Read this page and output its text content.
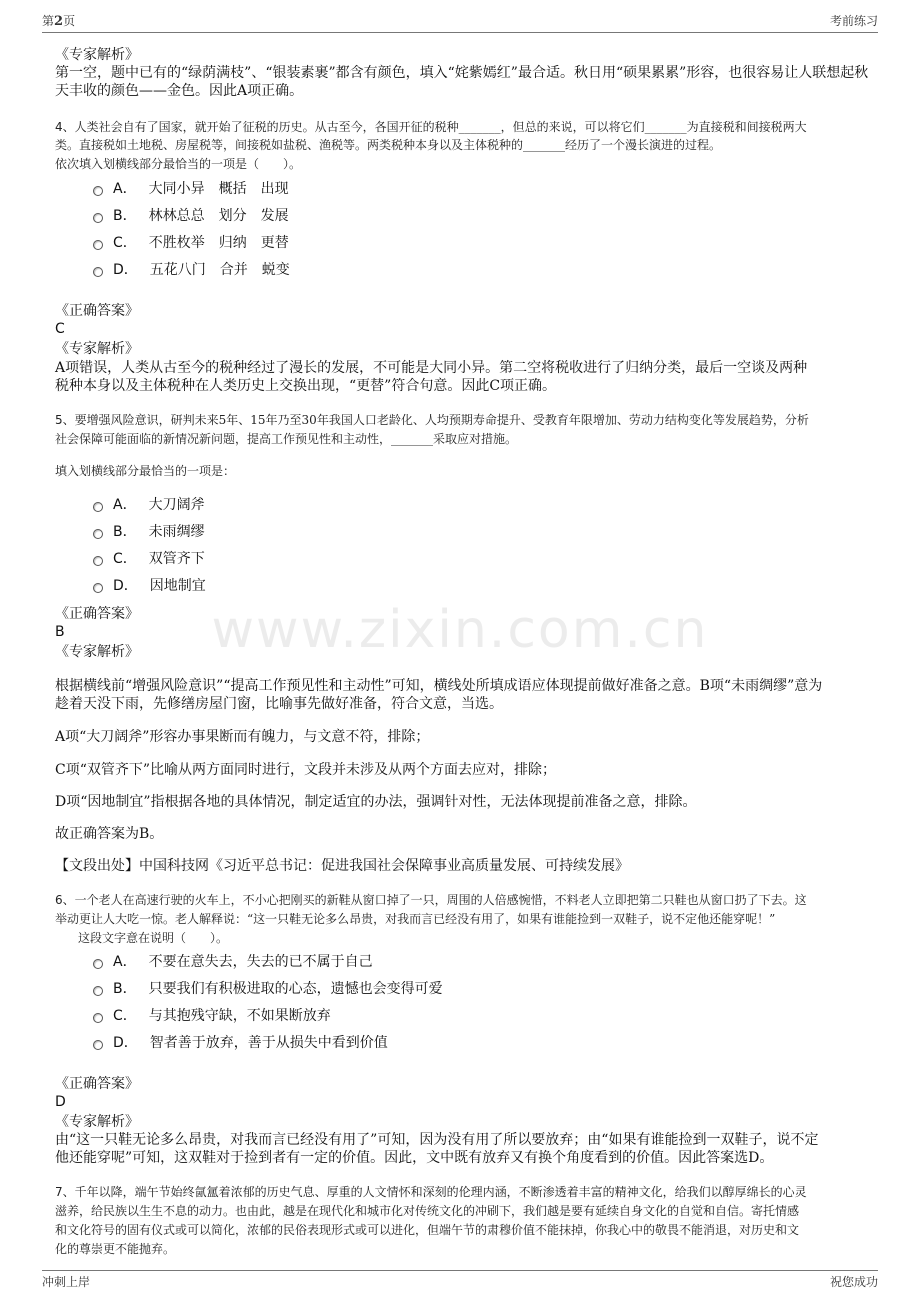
第2页	考前练习
www.zixin.com.cn
《专家解析》
第一空，题中已有的“绿荫满枝”、“银装素裹”都含有颜色，填入“姹紫嫣红”最合适。秋日用“硕果累累”形容，也很容易让人联想起秋天丰收的颜色——金色。因此A项正确。
4、人类社会自有了国家，就开始了征税的历史。从古至今，各国开征的税种_______，但总的来说，可以将它们_______为直接税和间接税两大
类。直接税如土地税、房屋税等，间接税如盐税、渔税等。两类税种本身以及主体税种的_______经历了一个漫长演进的过程。
依次填入划横线部分最恰当的一项是（　　）。
A． 大同小异　概括　出现
B． 林林总总　划分　发展
C． 不胜枚举　归纳　更替
D． 五花八门　合并　蜕变
《正确答案》
C
《专家解析》
A项错误，人类从古至今的税种经过了漫长的发展，不可能是大同小异。第二空将税收进行了归纳分类，最后一空谈及两种
税种本身以及主体税种在人类历史上交换出现，“更替”符合句意。因此C项正确。
5、要增强风险意识，研判未来5年、15年乃至30年我国人口老龄化、人均预期寿命提升、受教育年限增加、劳动力结构变化等发展趋势，分析
社会保障可能面临的新情况新问题，提高工作预见性和主动性，_______采取应对措施。
填入划横线部分最恰当的一项是：
A． 大刀阔斧
B． 未雨绸缪
C． 双管齐下
D． 因地制宜
《正确答案》
B
《专家解析》
根据横线前“增强风险意识”“提高工作预见性和主动性”可知，横线处所填成语应体现提前做好准备之意。B项“未雨绸缪”意为
趁着天没下雨，先修缮房屋门窗，比喻事先做好准备，符合文意，当选。
A项“大刀阔斧”形容办事果断而有魄力，与文意不符，排除；
C项“双管齐下”比喻从两方面同时进行，文段并未涉及从两个方面去应对，排除；
D项“因地制宜”指根据各地的具体情况，制定适宜的办法，强调针对性，无法体现提前准备之意，排除。
故正确答案为B。
【文段出处】中国科技网《习近平总书记：促进我国社会保障事业高质量发展、可持续发展》
6、一个老人在高速行驶的火车上，不小心把刚买的新鞋从窗口掉了一只，周围的人倍感惋惜，不料老人立即把第二只鞋也从窗口扔了下去。这
举动更让人大吃一惊。老人解释说：“这一只鞋无论多么昂贵，对我而言已经没有用了，如果有谁能捡到一双鞋子，说不定他还能穿呢！”
这段文字意在说明（　　）。
A． 不要在意失去，失去的已不属于自己
B． 只要我们有积极进取的心态，遗憾也会变得可爱
C． 与其抱残守缺，不如果断放弃
D． 智者善于放弃，善于从损失中看到价值
《正确答案》
D
《专家解析》
由“这一只鞋无论多么昂贵，对我而言已经没有用了”可知，因为没有用了所以要放弃；由“如果有谁能捡到一双鞋子，说不定
他还能穿呢”可知，这双鞋对于捡到者有一定的价值。因此，文中既有放弃又有换个角度看到的价值。因此答案选D。
7、千年以降，端午节始终氤氲着浓郁的历史气息、厚重的人文情怀和深刻的伦理内涵，不断渗透着丰富的精神文化，给我们以醇厚绵长的心灵
滋养，给民族以生生不息的动力。也由此，越是在现代化和城市化对传统文化的冲刷下，我们越是要有延续自身文化的自觉和自信。寄托情感
和文化符号的固有仪式或可以简化，浓郁的民俗表现形式或可以进化，但端午节的肃穆价值不能抹掉，你我心中的敬畏不能消退，对历史和文
化的尊崇更不能抛弃。
冲刺上岸	祝您成功
